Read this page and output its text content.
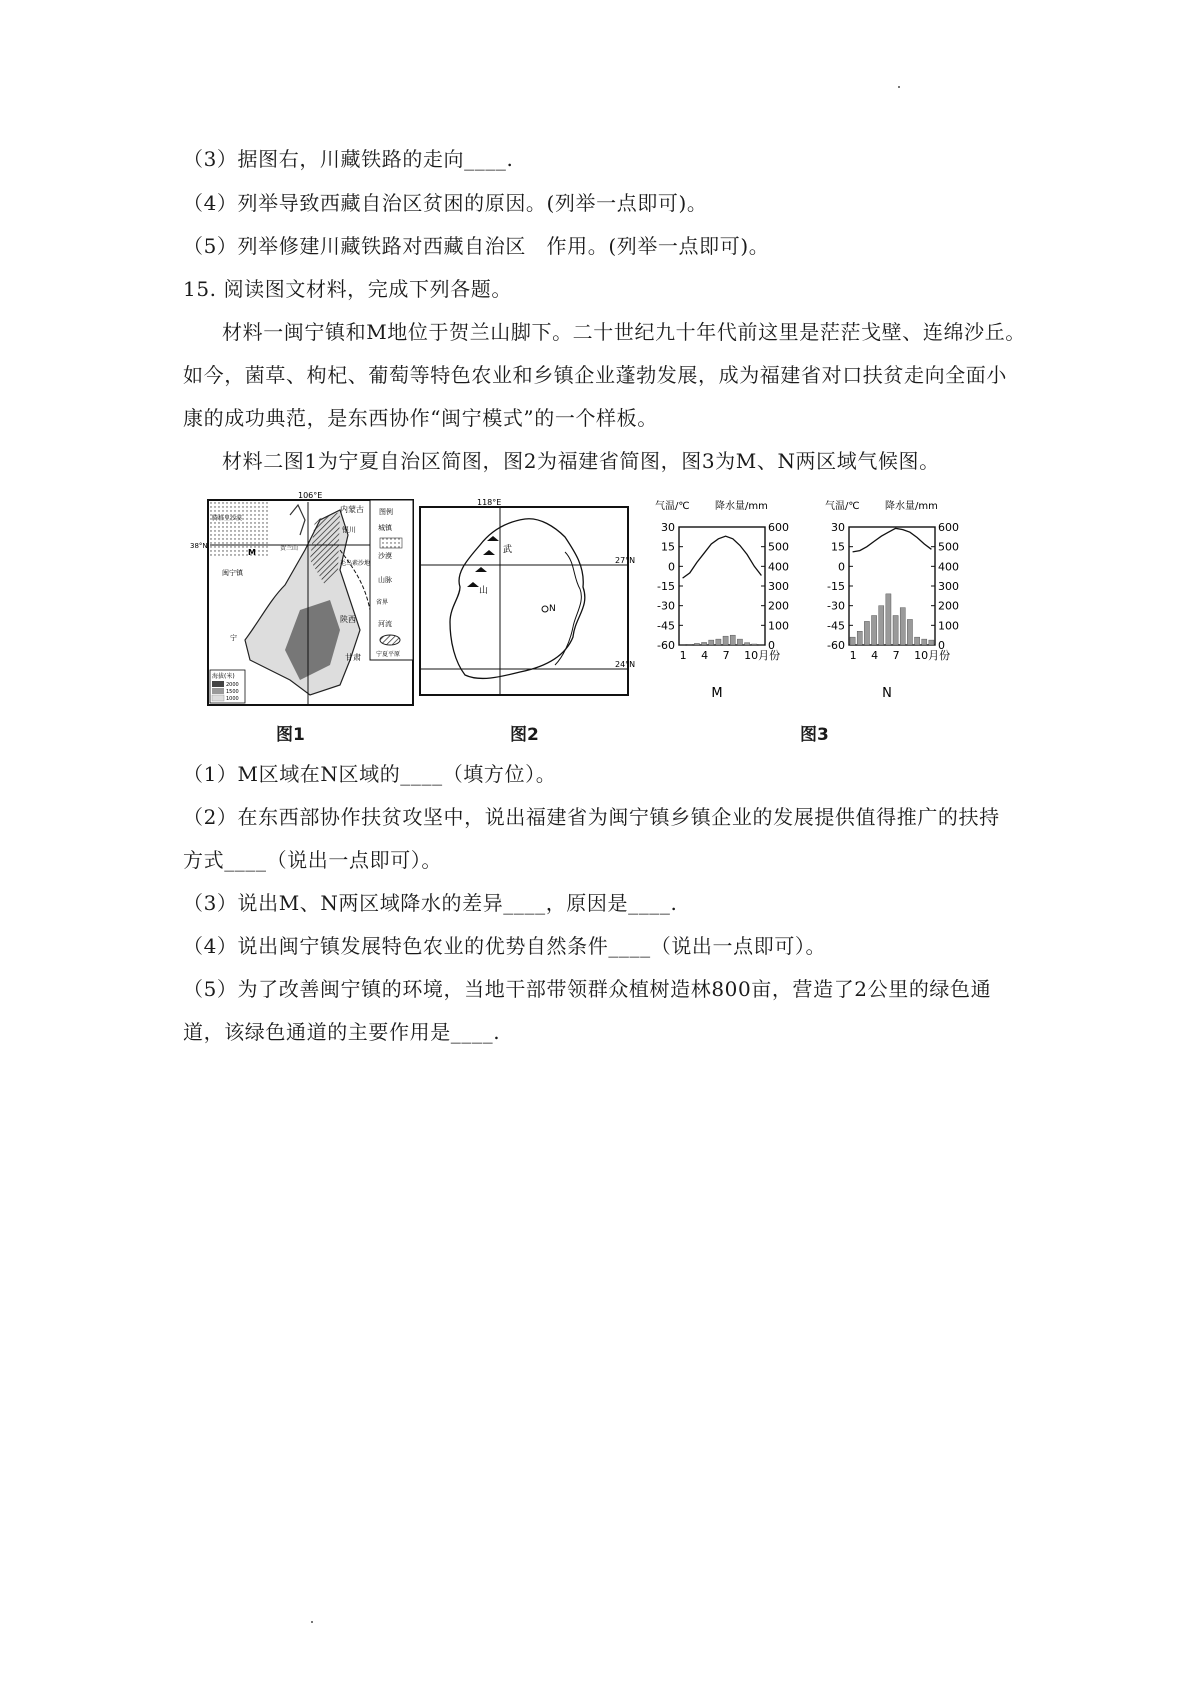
（3）据图右，川藏铁路的走向____.
（4）列举导致西藏自治区贫困的原因。(列举一点即可)。
（5）列举修建川藏铁路对西藏自治区　作用。(列举一点即可)。
15. 阅读图文材料，完成下列各题。
材料一闽宁镇和M地位于贺兰山脚下。二十世纪九十年代前这里是茫茫戈壁、连绵沙丘。
如今，菌草、枸杞、葡萄等特色农业和乡镇企业蓬勃发展，成为福建省对口扶贫走向全面小
康的成功典范，是东西协作“闽宁模式”的一个样板。
材料二图1为宁夏自治区简图，图2为福建省简图，图3为M、N两区域气候图。
图例
城镇
沙漠
山脉
省界
河流
宁夏平原
海拔(米)
2000
1500
1000
106°E
38°N
内蒙古
银川
腾格里沙漠
闽宁镇
M	贺兰山
毛乌素沙地
陕西
甘肃
宁
图1
武
山
N
118°E
27°N
24°N
图2
气温/℃	降水量/mm
30
15
0
-15
-30
-45
-60
600
500
400
300
200
100
0
1 4 7 10月份
M
气温/℃	降水量/mm
30
15
0
-15
-30
-45
-60
600
500
400
300
200
100
0
1 4 7 10月份
N
图3
（1）M区域在N区域的____（填方位）。
（2）在东西部协作扶贫攻坚中，说出福建省为闽宁镇乡镇企业的发展提供值得推广的扶持
方式____（说出一点即可）。
（3）说出M、N两区域降水的差异____，原因是____.
（4）说出闽宁镇发展特色农业的优势自然条件____（说出一点即可）。
（5）为了改善闽宁镇的环境，当地干部带领群众植树造林800亩，营造了2公里的绿色通
道，该绿色通道的主要作用是____.
